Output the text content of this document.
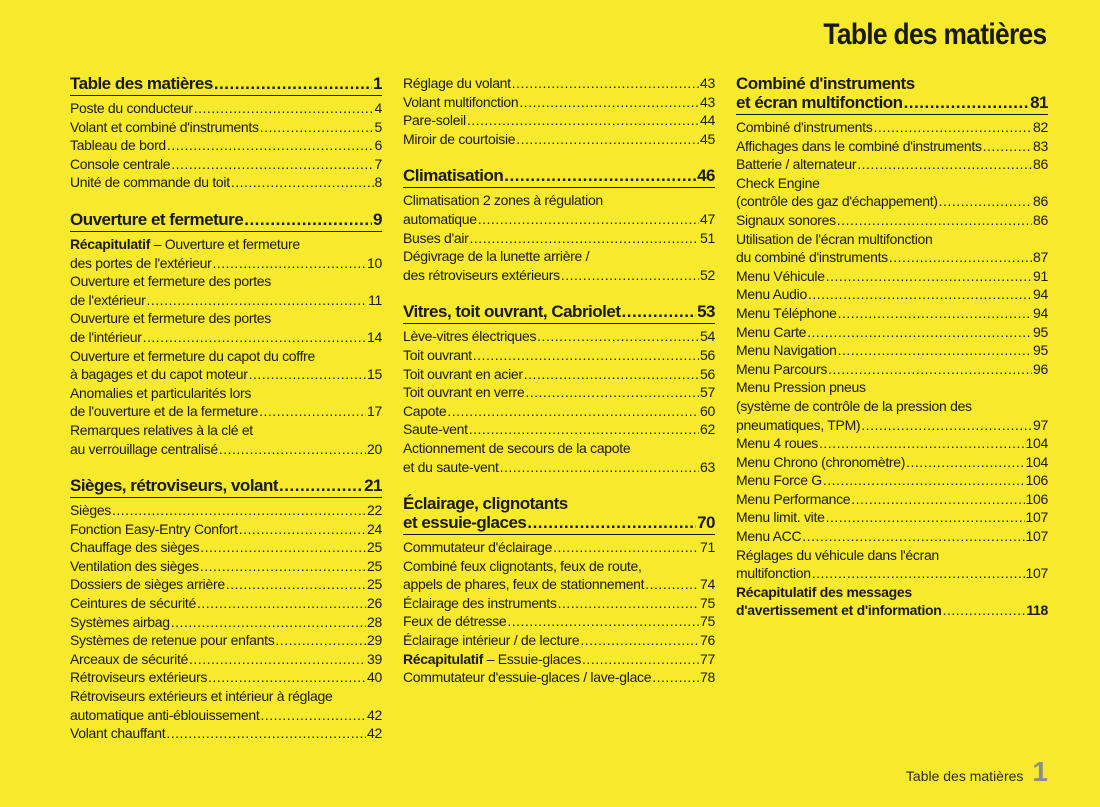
Table des matières
Table des matières .....	1
Poste du conducteur .....	4
Volant et combiné d'instruments .....	5
Tableau de bord .....	6
Console centrale .....	7
Unité de commande du toit .....	8
Ouverture et fermeture .....	9
Récapitulatif – Ouverture et fermeture
des portes de l'extérieur .....	10
Ouverture et fermeture des portes
de l'extérieur .....	11
Ouverture et fermeture des portes
de l'intérieur .....	14
Ouverture et fermeture du capot du coffre
à bagages et du capot moteur .....	15
Anomalies et particularités lors
de l'ouverture et de la fermeture .....	17
Remarques relatives à la clé et
au verrouillage centralisé .....	20
Sièges, rétroviseurs, volant .....	21
Sièges .....	22
Fonction Easy-Entry Confort .....	24
Chauffage des sièges .....	25
Ventilation des sièges .....	25
Dossiers de sièges arrière .....	25
Ceintures de sécurité .....	26
Systèmes airbag .....	28
Systèmes de retenue pour enfants .....	29
Arceaux de sécurité .....	39
Rétroviseurs extérieurs .....	40
Rétroviseurs extérieurs et intérieur à réglage
automatique anti-éblouissement .....	42
Volant chauffant .....	42
Réglage du volant .....	43
Volant multifonction .....	43
Pare-soleil .....	44
Miroir de courtoisie .....	45
Climatisation .....	46
Climatisation 2 zones à régulation
automatique .....	47
Buses d'air .....	51
Dégivrage de la lunette arrière /
des rétroviseurs extérieurs .....	52
Vitres, toit ouvrant, Cabriolet .....	53
Lève-vitres électriques .....	54
Toit ouvrant .....	56
Toit ouvrant en acier .....	56
Toit ouvrant en verre .....	57
Capote .....	60
Saute-vent .....	62
Actionnement de secours de la capote
et du saute-vent .....	63
Éclairage, clignotants
et essuie-glaces .....	70
Commutateur d'éclairage .....	71
Combiné feux clignotants, feux de route,
appels de phares, feux de stationnement .....	74
Éclairage des instruments .....	75
Feux de détresse .....	75
Éclairage intérieur / de lecture .....	76
Récapitulatif – Essuie-glaces .....	77
Commutateur d'essuie-glaces / lave-glace .....	78
Combiné d'instruments
et écran multifonction .....	81
Combiné d'instruments .....	82
Affichages dans le combiné d'instruments .....	83
Batterie / alternateur .....	86
Check Engine
(contrôle des gaz d'échappement) .....	86
Signaux sonores .....	86
Utilisation de l'écran multifonction
du combiné d'instruments .....	87
Menu Véhicule .....	91
Menu Audio .....	94
Menu Téléphone .....	94
Menu Carte .....	95
Menu Navigation .....	95
Menu Parcours .....	96
Menu Pression pneus
(système de contrôle de la pression des
pneumatiques, TPM) .....	97
Menu 4 roues .....	104
Menu Chrono (chronomètre) .....	104
Menu Force G .....	106
Menu Performance .....	106
Menu limit. vite .....	107
Menu ACC .....	107
Réglages du véhicule dans l'écran
multifonction .....	107
Récapitulatif des messages
d'avertissement et d'information .....	118
Table des matières 1
